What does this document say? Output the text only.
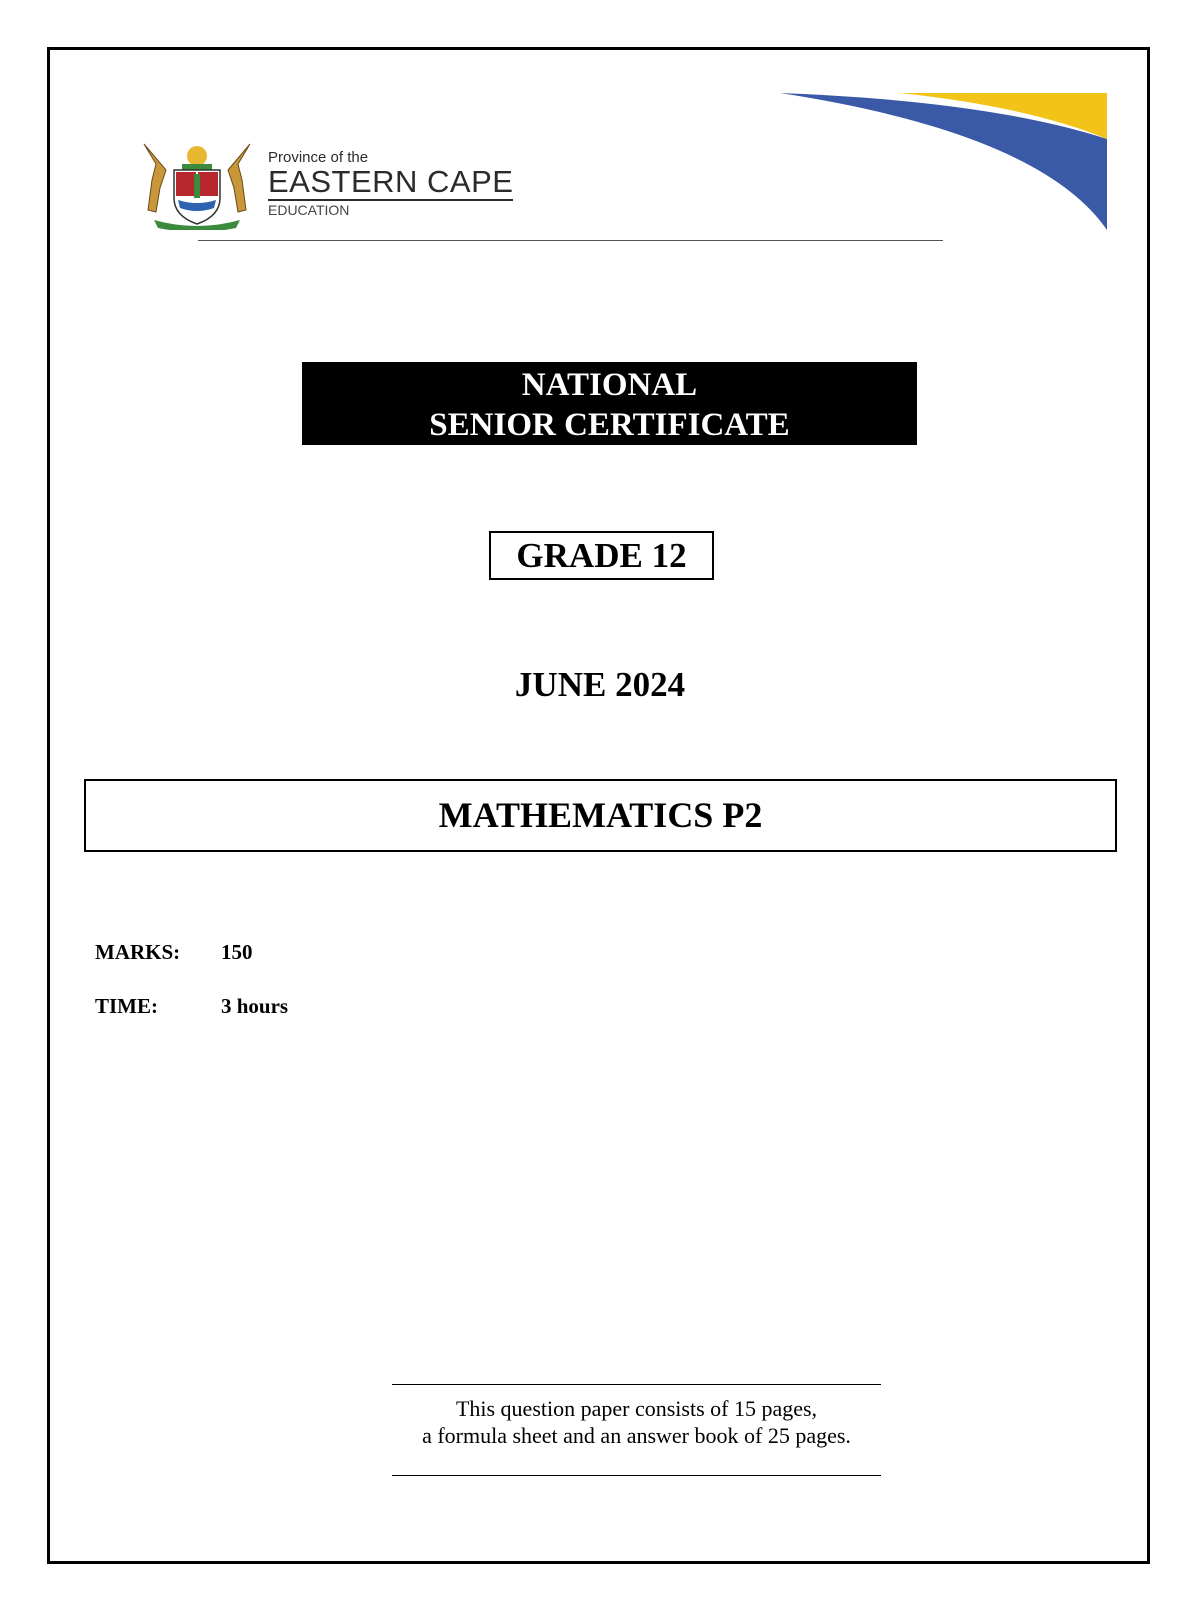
Province of the
EASTERN CAPE
EDUCATION
NATIONAL
SENIOR CERTIFICATE
GRADE 12
JUNE 2024
MATHEMATICS P2
MARKS: 150
TIME:	3 hours
This question paper consists of 15 pages,
a formula sheet and an answer book of 25 pages.
